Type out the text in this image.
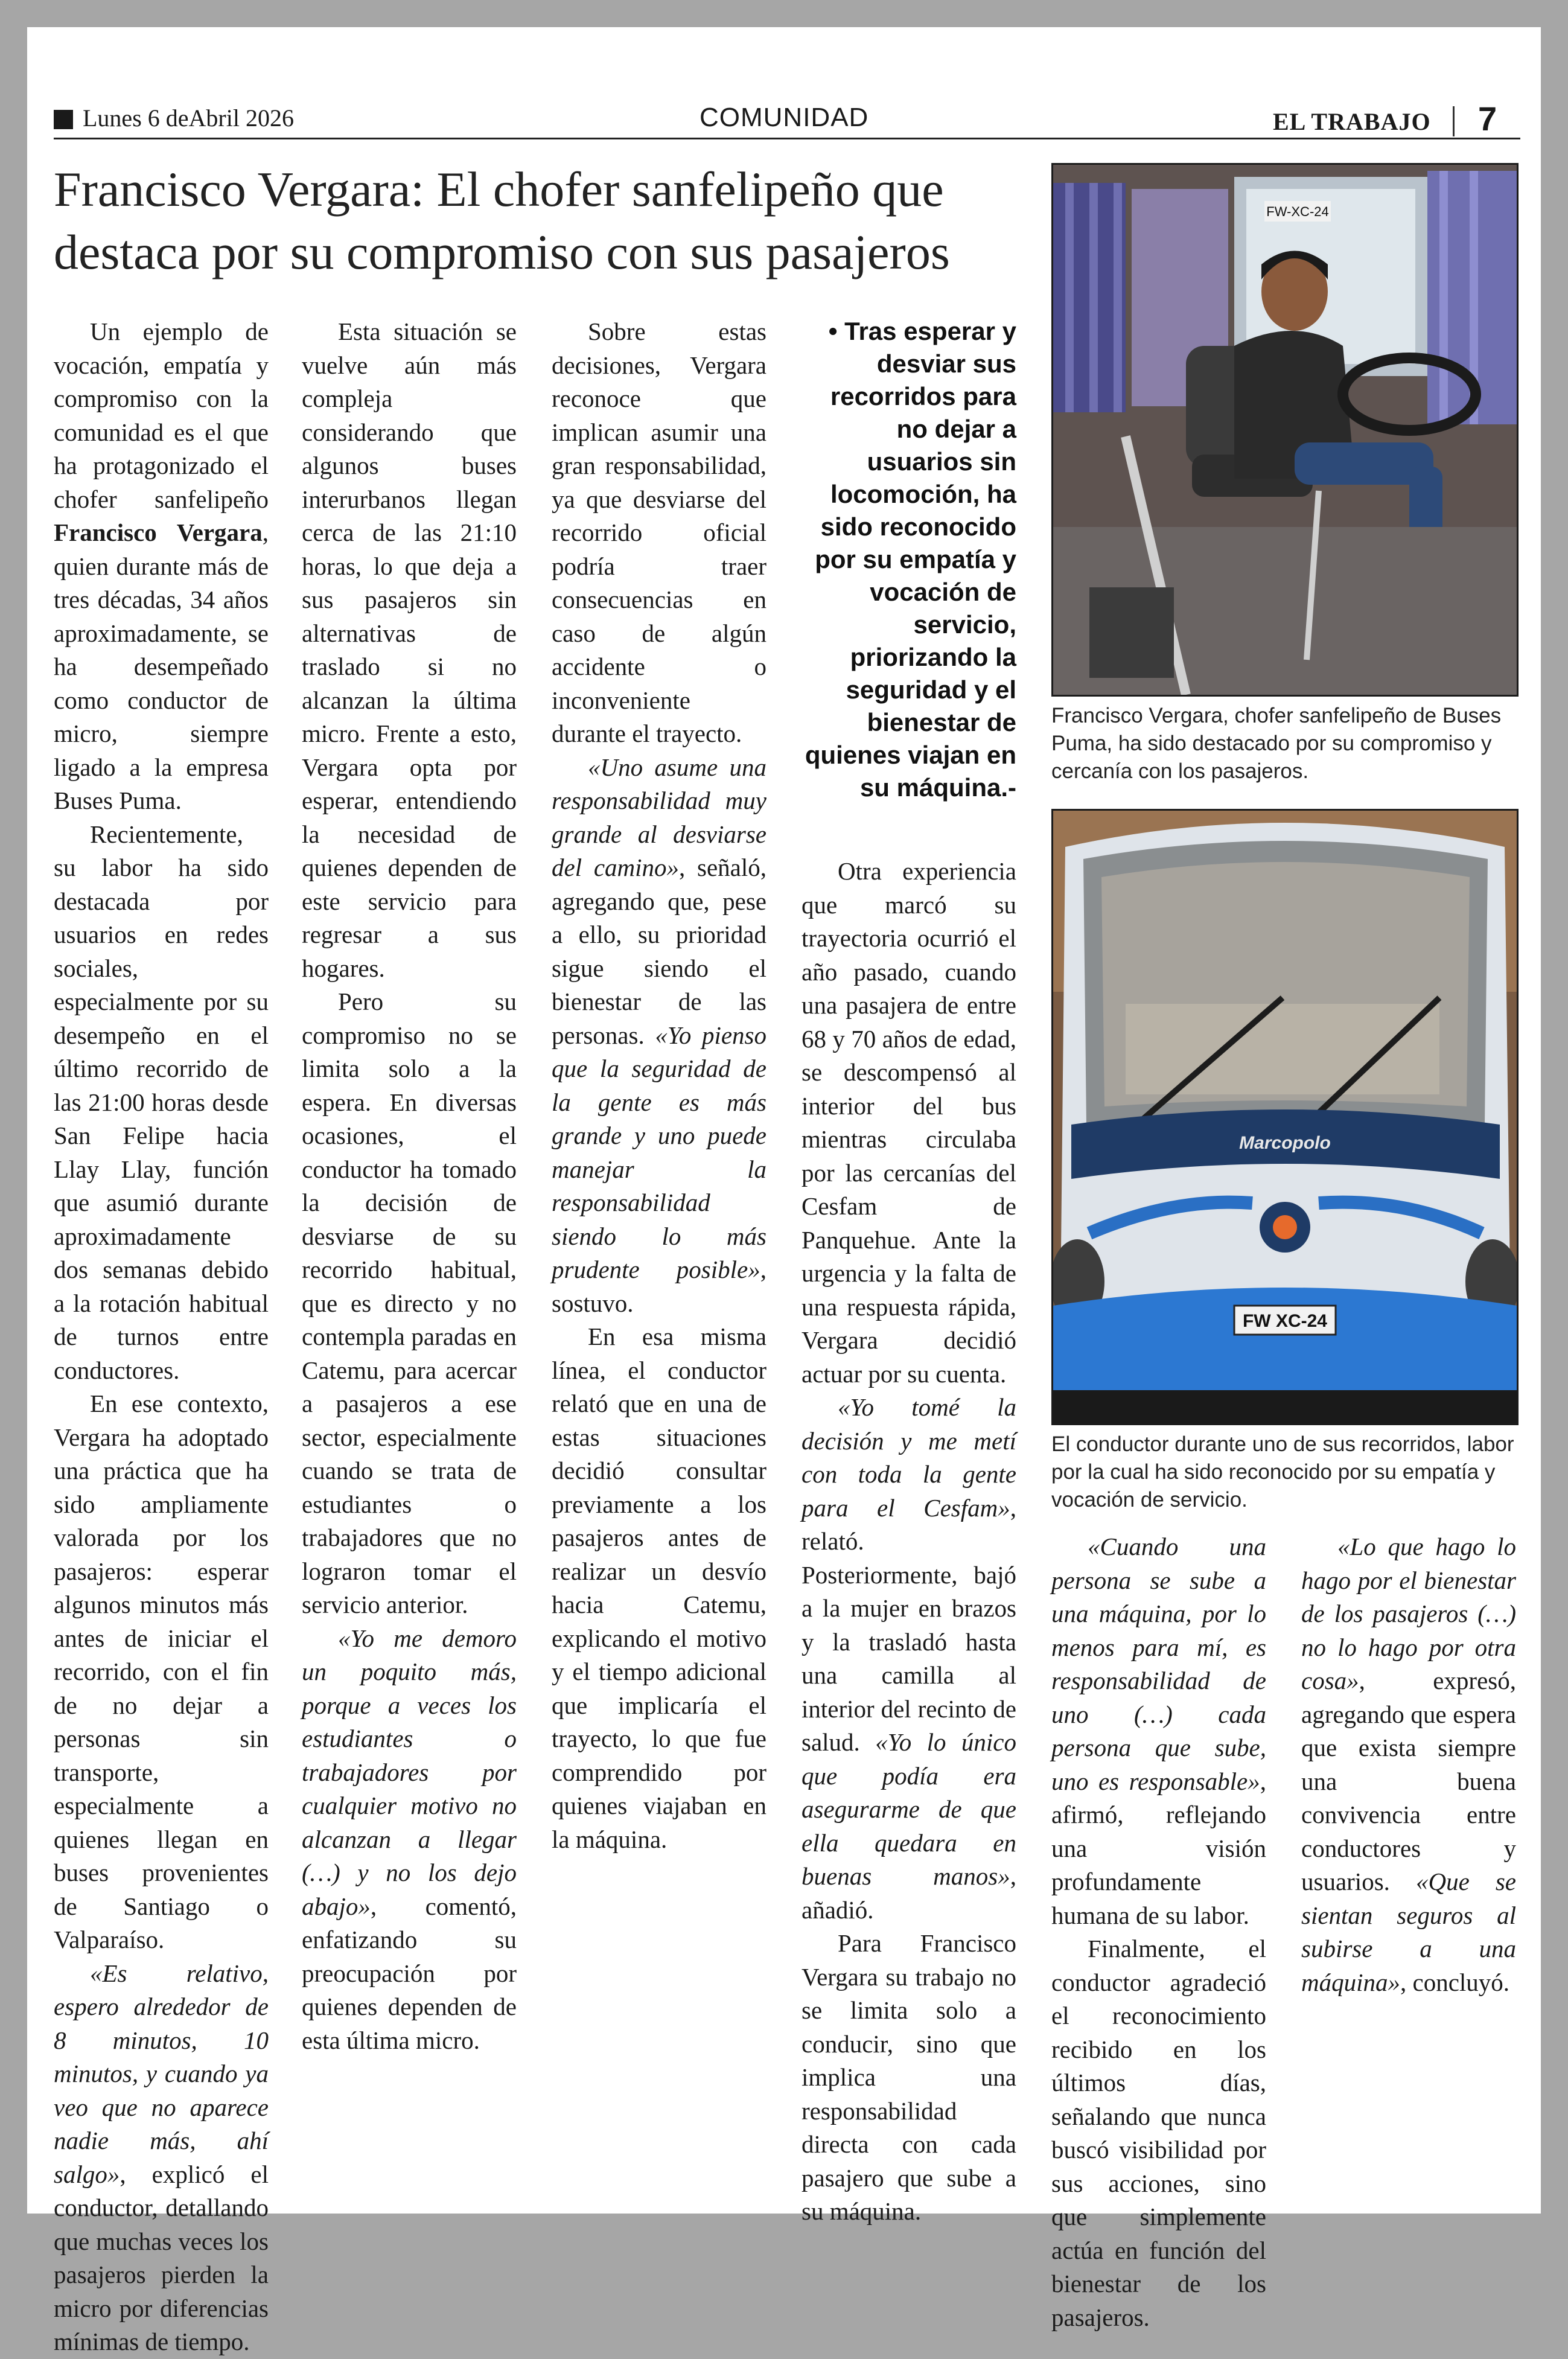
Lunes 6 deAbril 2026	COMUNIDAD	EL TRABAJO 7
Francisco Vergara: El chofer sanfelipeño que destaca por su compromiso con sus pasajeros

Un ejemplo de vocación, empatía y compromiso con la comunidad es el que ha protagonizado el chofer sanfelipeño Francisco Vergara, quien durante más de tres décadas, 34 años aproximadamente, se ha desempeñado como conductor de micro, siempre ligado a la empresa Buses Puma.

Recientemente, su labor ha sido destacada por usuarios en redes sociales, especialmente por su desempeño en el último recorrido de las 21:00 horas desde San Felipe hacia Llay Llay, función que asumió durante aproximadamente dos semanas debido a la rotación habitual de turnos entre conductores.

En ese contexto, Vergara ha adoptado una práctica que ha sido ampliamente valorada por los pasajeros: esperar algunos minutos más antes de iniciar el recorrido, con el fin de no dejar a personas sin transporte, especialmente a quienes llegan en buses provenientes de Santiago o Valparaíso.

«Es relativo, espero alrededor de 8 minutos, 10 minutos, y cuando ya veo que no aparece nadie más, ahí salgo», explicó el conductor, detallando que muchas veces los pasajeros pierden la micro por diferencias mínimas de tiempo.

Esta situación se vuelve aún más compleja considerando que algunos buses interurbanos llegan cerca de las 21:10 horas, lo que deja a sus pasajeros sin alternativas de traslado si no alcanzan la última micro. Frente a esto, Vergara opta por esperar, entendiendo la necesidad de quienes dependen de este servicio para regresar a sus hogares.

Pero su compromiso no se limita solo a la espera. En diversas ocasiones, el conductor ha tomado la decisión de desviarse de su recorrido habitual, que es directo y no contempla paradas en Catemu, para acercar a pasajeros a ese sector, especialmente cuando se trata de estudiantes o trabajadores que no lograron tomar el servicio anterior.

«Yo me demoro un poquito más, porque a veces los estudiantes o trabajadores por cualquier motivo no alcanzan a llegar (…) y no los dejo abajo», comentó, enfatizando su preocupación por quienes dependen de esta última micro.

Sobre estas decisiones, Vergara reconoce que implican asumir una gran responsabilidad, ya que desviarse del recorrido oficial podría traer consecuencias en caso de algún accidente o inconveniente durante el trayecto.

«Uno asume una responsabilidad muy grande al desviarse del camino», señaló, agregando que, pese a ello, su prioridad sigue siendo el bienestar de las personas. «Yo pienso que la seguridad de la gente es más grande y uno puede manejar la responsabilidad siendo lo más prudente posible», sostuvo.

En esa misma línea, el conductor relató que en una de estas situaciones decidió consultar previamente a los pasajeros antes de realizar un desvío hacia Catemu, explicando el motivo y el tiempo adicional que implicaría el trayecto, lo que fue comprendido por quienes viajaban en la máquina.

• Tras esperar y desviar sus recorridos para no dejar a usuarios sin locomoción, ha sido reconocido por su empatía y vocación de servicio, priorizando la seguridad y el bienestar de quienes viajan en su máquina.-

Otra experiencia que marcó su trayectoria ocurrió el año pasado, cuando una pasajera de entre 68 y 70 años de edad, se descompensó al interior del bus mientras circulaba por las cercanías del Cesfam de Panquehue. Ante la urgencia y la falta de una respuesta rápida, Vergara decidió actuar por su cuenta.

«Yo tomé la decisión y me metí con toda la gente para el Cesfam», relató. Posteriormente, bajó a la mujer en brazos y la trasladó hasta una camilla al interior del recinto de salud. «Yo lo único que podía era asegurarme de que ella quedara en buenas manos», añadió.

Para Francisco Vergara su trabajo no se limita solo a conducir, sino que implica una responsabilidad directa con cada pasajero que sube a su máquina.

FW-XC-24
Francisco Vergara, chofer sanfelipeño de Buses Puma, ha sido destacado por su compromiso y cercanía con los pasajeros.
Marcopolo
FW XC-24
El conductor durante uno de sus recorridos, labor por la cual ha sido reconocido por su empatía y vocación de servicio.

«Cuando una persona se sube a una máquina, por lo menos para mí, es responsabilidad de uno (…) cada persona que sube, uno es responsable», afirmó, reflejando una visión profundamente humana de su labor.

Finalmente, el conductor agradeció el reconocimiento recibido en los últimos días, señalando que nunca buscó visibilidad por sus acciones, sino que simplemente actúa en función del bienestar de los pasajeros.

«Lo que hago lo hago por el bienestar de los pasajeros (…) no lo hago por otra cosa», expresó, agregando que espera que exista siempre una buena convivencia entre conductores y usuarios. «Que se sientan seguros al subirse a una máquina», concluyó.
